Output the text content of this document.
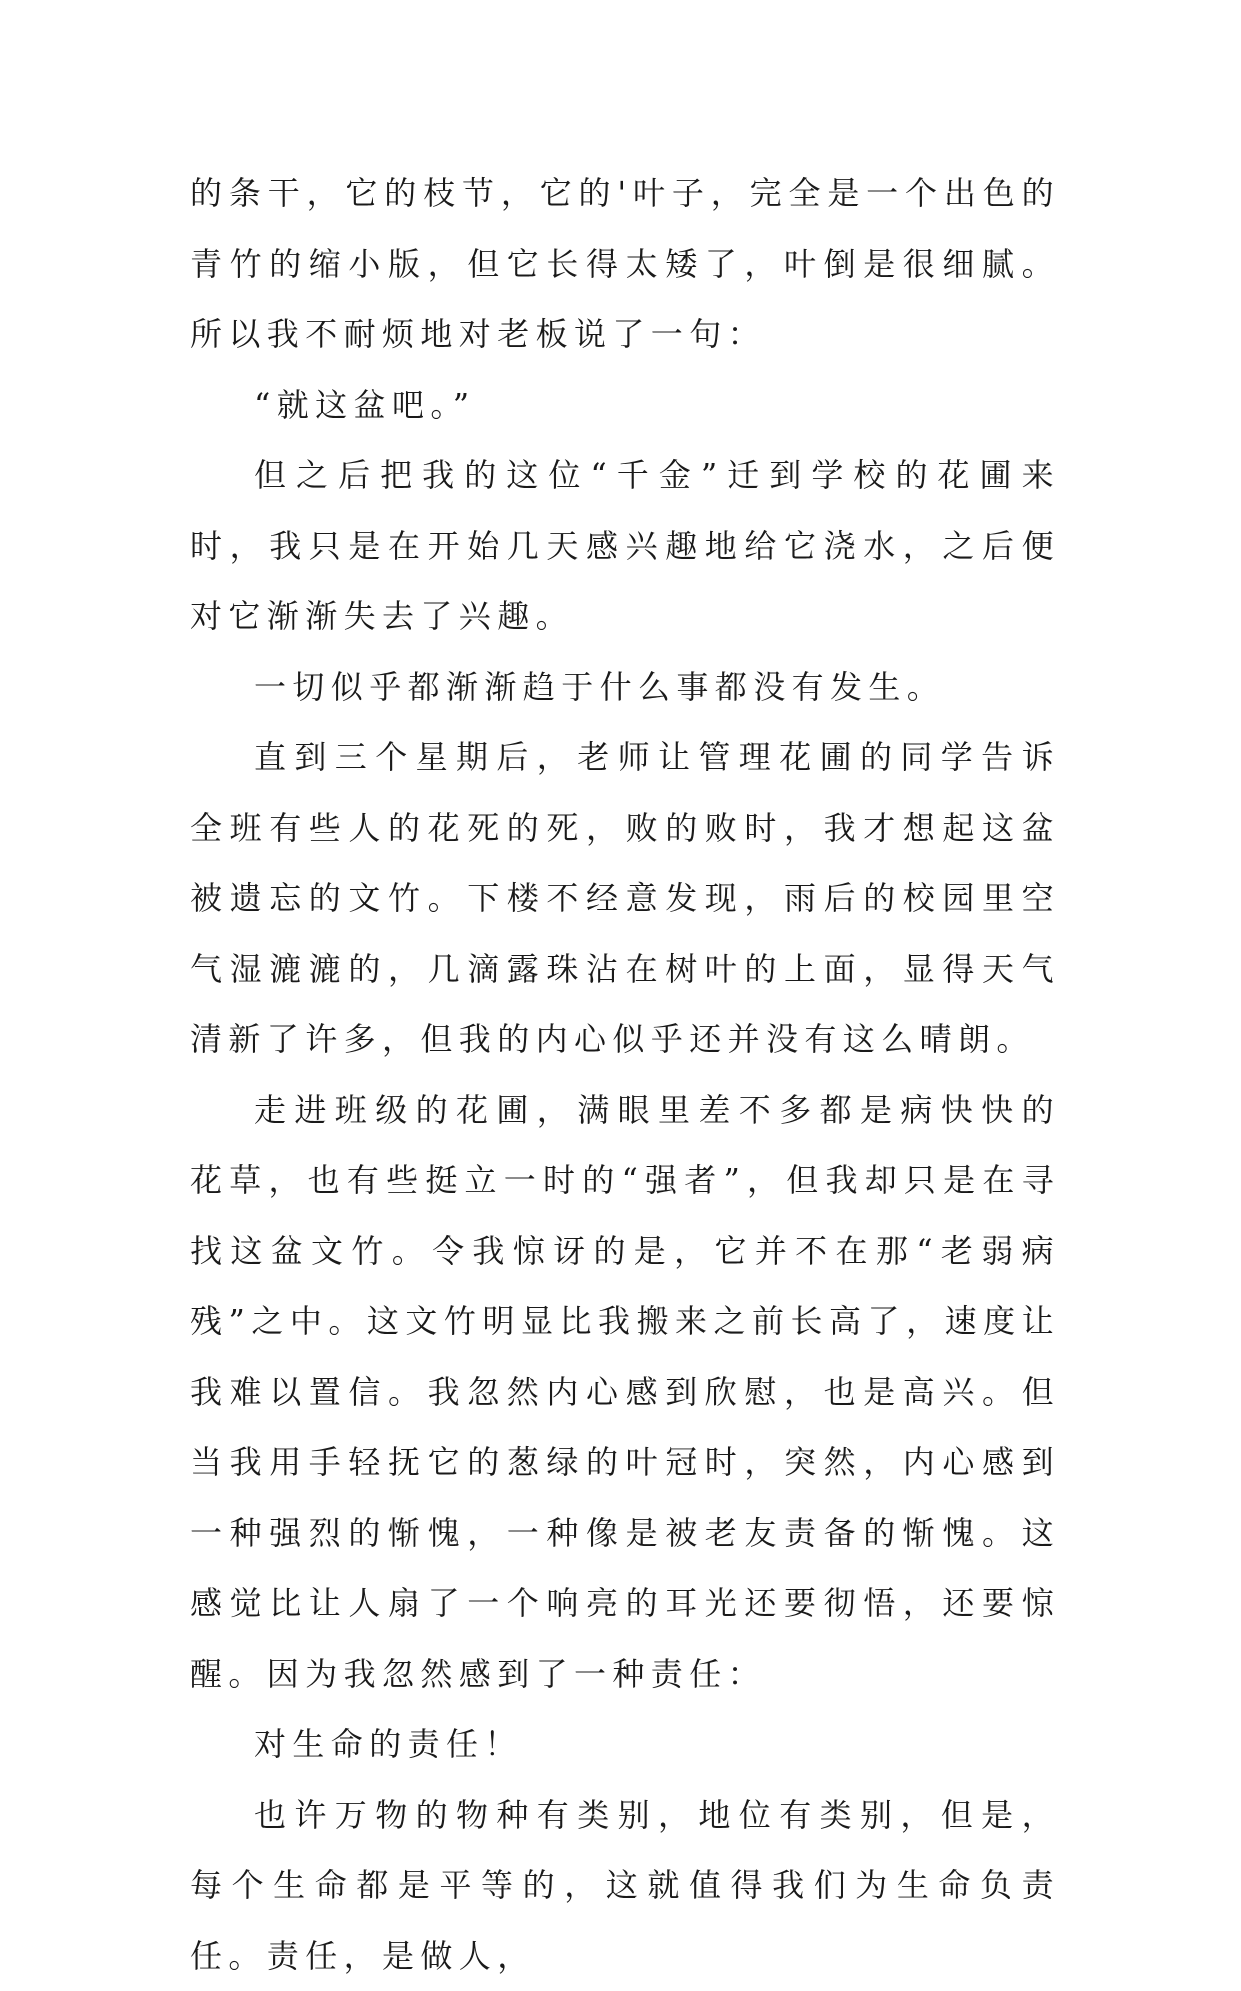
的条干，它的枝节，它的'叶子，完全是一个出色的青竹的缩小版，但它长得太矮了，叶倒是很细腻。所以我不耐烦地对老板说了一句：

“就这盆吧。”

但之后把我的这位“千金”迁到学校的花圃来时，我只是在开始几天感兴趣地给它浇水，之后便对它渐渐失去了兴趣。

一切似乎都渐渐趋于什么事都没有发生。

直到三个星期后，老师让管理花圃的同学告诉全班有些人的花死的死，败的败时，我才想起这盆被遗忘的文竹。下楼不经意发现，雨后的校园里空气湿漉漉的，几滴露珠沾在树叶的上面，显得天气清新了许多，但我的内心似乎还并没有这么晴朗。

走进班级的花圃，满眼里差不多都是病快快的花草，也有些挺立一时的“强者”，但我却只是在寻找这盆文竹。令我惊讶的是，它并不在那“老弱病残”之中。这文竹明显比我搬来之前长高了，速度让我难以置信。我忽然内心感到欣慰，也是高兴。但当我用手轻抚它的葱绿的叶冠时，突然，内心感到一种强烈的惭愧，一种像是被老友责备的惭愧。这感觉比让人扇了一个响亮的耳光还要彻悟，还要惊醒。因为我忽然感到了一种责任：

对生命的责任！

也许万物的物种有类别，地位有类别，但是，每个生命都是平等的，这就值得我们为生命负责任。责任，是做人，
